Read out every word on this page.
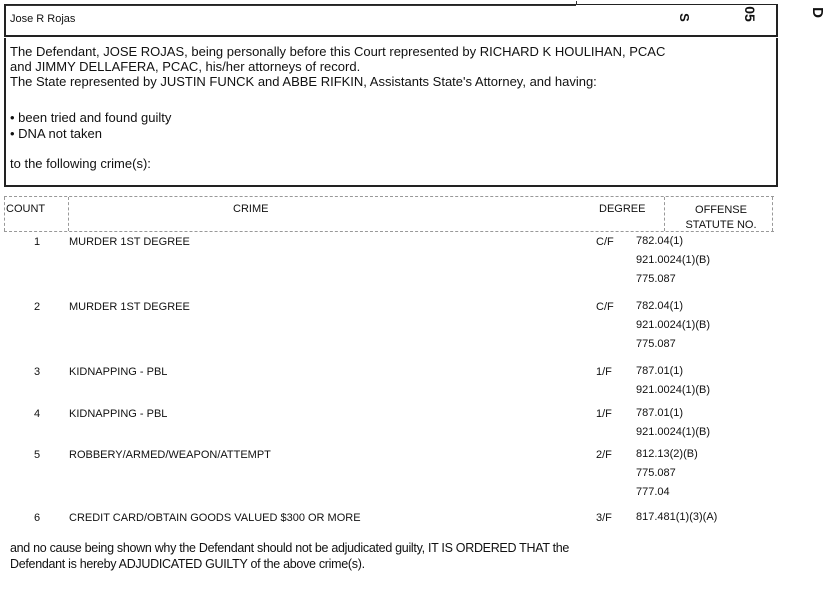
Jose R Rojas	S	05	D
The Defendant, JOSE ROJAS, being personally before this Court represented by RICHARD K HOULIHAN, PCAC
and JIMMY DELLAFERA, PCAC, his/her attorneys of record.
The State represented by JUSTIN FUNCK and ABBE RIFKIN, Assistants State's Attorney, and having:
• been tried and found guilty
• DNA not taken
to the following crime(s):
COUNT	CRIME	DEGREE	OFFENSE
STATUTE NO.
1	MURDER 1ST DEGREE	C/F 782.04(1)
921.0024(1)(B)
775.087
2	MURDER 1ST DEGREE	C/F 782.04(1)
921.0024(1)(B)
775.087
3	KIDNAPPING - PBL	1/F 787.01(1)
921.0024(1)(B)
4	KIDNAPPING - PBL	1/F 787.01(1)
921.0024(1)(B)
5	ROBBERY/ARMED/WEAPON/ATTEMPT	2/F 812.13(2)(B)
775.087
777.04
6	CREDIT CARD/OBTAIN GOODS VALUED $300 OR MORE	3/F 817.481(1)(3)(A)
and no cause being shown why the Defendant should not be adjudicated guilty, IT IS ORDERED THAT the
Defendant is hereby ADJUDICATED GUILTY of the above crime(s).
